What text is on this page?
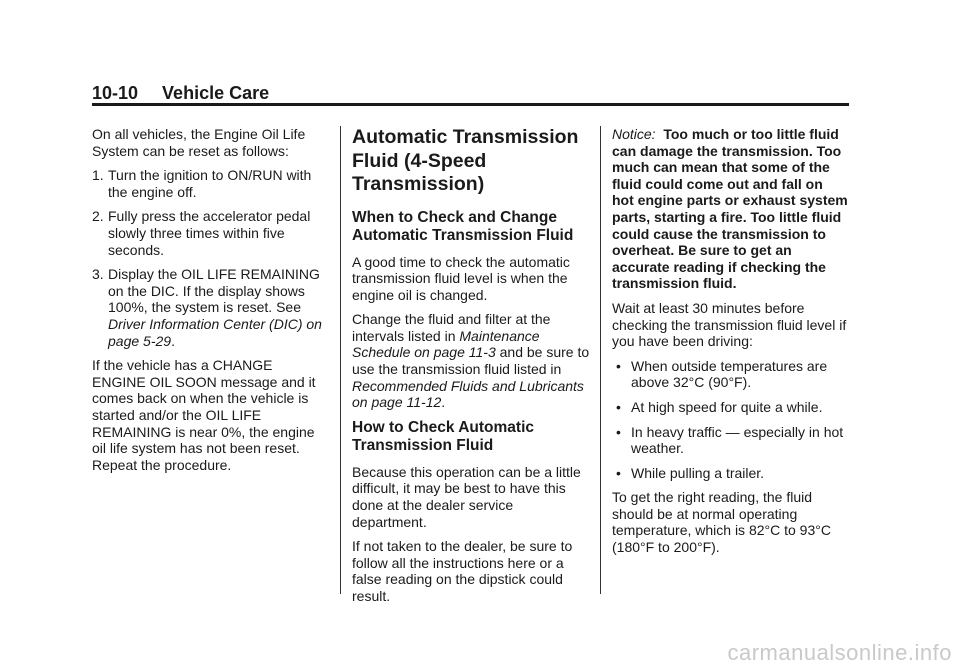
10-10 Vehicle Care

On all vehicles, the Engine Oil Life System can be reset as follows:

1. Turn the ignition to ON/RUN with the engine off.
2. Fully press the accelerator pedal slowly three times within five seconds.
3. Display the OIL LIFE REMAINING on the DIC. If the display shows 100%, the system is reset. See Driver Information Center (DIC) on page 5-29.

If the vehicle has a CHANGE ENGINE OIL SOON message and it comes back on when the vehicle is started and/or the OIL LIFE REMAINING is near 0%, the engine oil life system has not been reset. Repeat the procedure.

Automatic Transmission Fluid (4-Speed Transmission)
When to Check and Change Automatic Transmission Fluid

A good time to check the automatic transmission fluid level is when the engine oil is changed.

Change the fluid and filter at the intervals listed in Maintenance Schedule on page 11-3 and be sure to use the transmission fluid listed in Recommended Fluids and Lubricants on page 11-12.

How to Check Automatic Transmission Fluid

Because this operation can be a little difficult, it may be best to have this done at the dealer service department.

If not taken to the dealer, be sure to follow all the instructions here or a false reading on the dipstick could result.

Notice: Too much or too little fluid can damage the transmission. Too much can mean that some of the fluid could come out and fall on hot engine parts or exhaust system parts, starting a fire. Too little fluid could cause the transmission to overheat. Be sure to get an accurate reading if checking the transmission fluid.

Wait at least 30 minutes before checking the transmission fluid level if you have been driving:

• When outside temperatures are above 32°C (90°F).
• At high speed for quite a while.
• In heavy traffic — especially in hot weather.
• While pulling a trailer.

To get the right reading, the fluid should be at normal operating temperature, which is 82°C to 93°C (180°F to 200°F).

carmanualsonline.info
